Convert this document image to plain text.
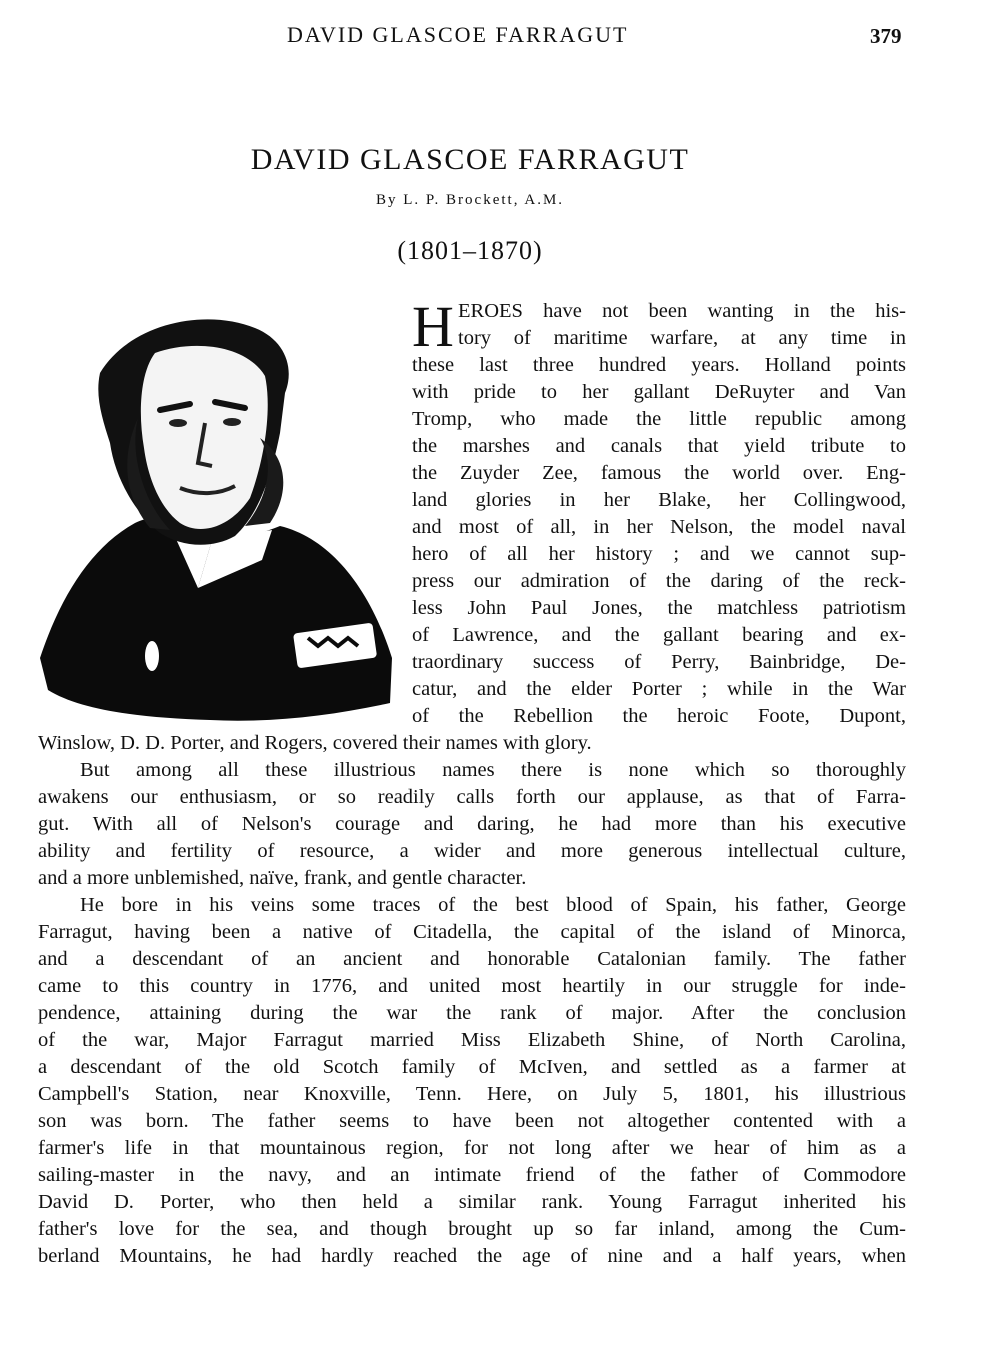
DAVID GLASCOE FARRAGUT	379
DAVID GLASCOE FARRAGUT
By L. P. Brockett, A.M.
(1801–1870)
H EROES have not been wanting in the his-
tory of maritime warfare, at any time in
these last three hundred years. Holland points
with pride to her gallant DeRuyter and Van
Tromp, who made the little republic among
the marshes and canals that yield tribute to
the Zuyder Zee, famous the world over. Eng-
land glories in her Blake, her Collingwood,
and most of all, in her Nelson, the model naval
hero of all her history ; and we cannot sup-
press our admiration of the daring of the reck-
less John Paul Jones, the matchless patriotism
of Lawrence, and the gallant bearing and ex-
traordinary success of Perry, Bainbridge, De-
catur, and the elder Porter ; while in the War
of the Rebellion the heroic Foote, Dupont,
Winslow, D. D. Porter, and Rogers, covered their names with glory.
But among all these illustrious names there is none which so thoroughly
awakens our enthusiasm, or so readily calls forth our applause, as that of Farra-
gut. With all of Nelson's courage and daring, he had more than his executive
ability and fertility of resource, a wider and more generous intellectual culture,
and a more unblemished, naïve, frank, and gentle character.
He bore in his veins some traces of the best blood of Spain, his father, George
Farragut, having been a native of Citadella, the capital of the island of Minorca,
and a descendant of an ancient and honorable Catalonian family. The father
came to this country in 1776, and united most heartily in our struggle for inde-
pendence, attaining during the war the rank of major. After the conclusion
of the war, Major Farragut married Miss Elizabeth Shine, of North Carolina,
a descendant of the old Scotch family of McIven, and settled as a farmer at
Campbell's Station, near Knoxville, Tenn. Here, on July 5, 1801, his illustrious
son was born. The father seems to have been not altogether contented with a
farmer's life in that mountainous region, for not long after we hear of him as a
sailing-master in the navy, and an intimate friend of the father of Commodore
David D. Porter, who then held a similar rank. Young Farragut inherited his
father's love for the sea, and though brought up so far inland, among the Cum-
berland Mountains, he had hardly reached the age of nine and a half years, when
